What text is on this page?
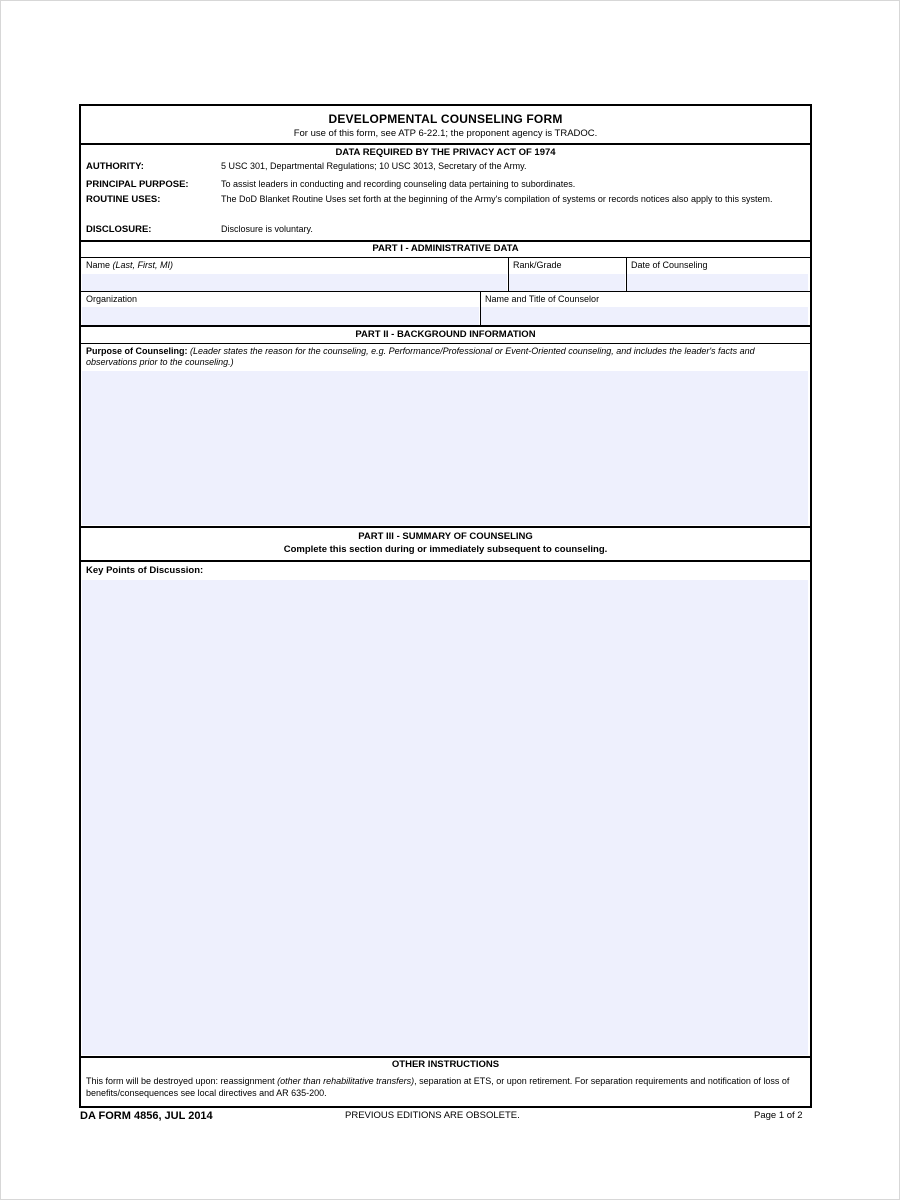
DEVELOPMENTAL COUNSELING FORM
For use of this form, see ATP 6-22.1; the proponent agency is TRADOC.
DATA REQUIRED BY THE PRIVACY ACT OF 1974
AUTHORITY:	5 USC 301, Departmental Regulations; 10 USC 3013, Secretary of the Army.
PRINCIPAL PURPOSE:	To assist leaders in conducting and recording counseling data pertaining to subordinates.
ROUTINE USES:	The DoD Blanket Routine Uses set forth at the beginning of the Army's compilation of systems or records notices also apply to this system.
DISCLOSURE:	Disclosure is voluntary.
PART I - ADMINISTRATIVE DATA
Name (Last, First, MI)	Rank/Grade	Date of Counseling
Organization	Name and Title of Counselor
PART II - BACKGROUND INFORMATION
Purpose of Counseling: (Leader states the reason for the counseling, e.g. Performance/Professional or Event-Oriented counseling, and includes the leader's facts and observations prior to the counseling.)
PART III - SUMMARY OF COUNSELING
Complete this section during or immediately subsequent to counseling.
Key Points of Discussion:
OTHER INSTRUCTIONS
This form will be destroyed upon: reassignment (other than rehabilitative transfers), separation at ETS, or upon retirement. For separation requirements and notification of loss of benefits/consequences see local directives and AR 635-200.
DA FORM 4856, JUL 2014	PREVIOUS EDITIONS ARE OBSOLETE.	Page 1 of 2
